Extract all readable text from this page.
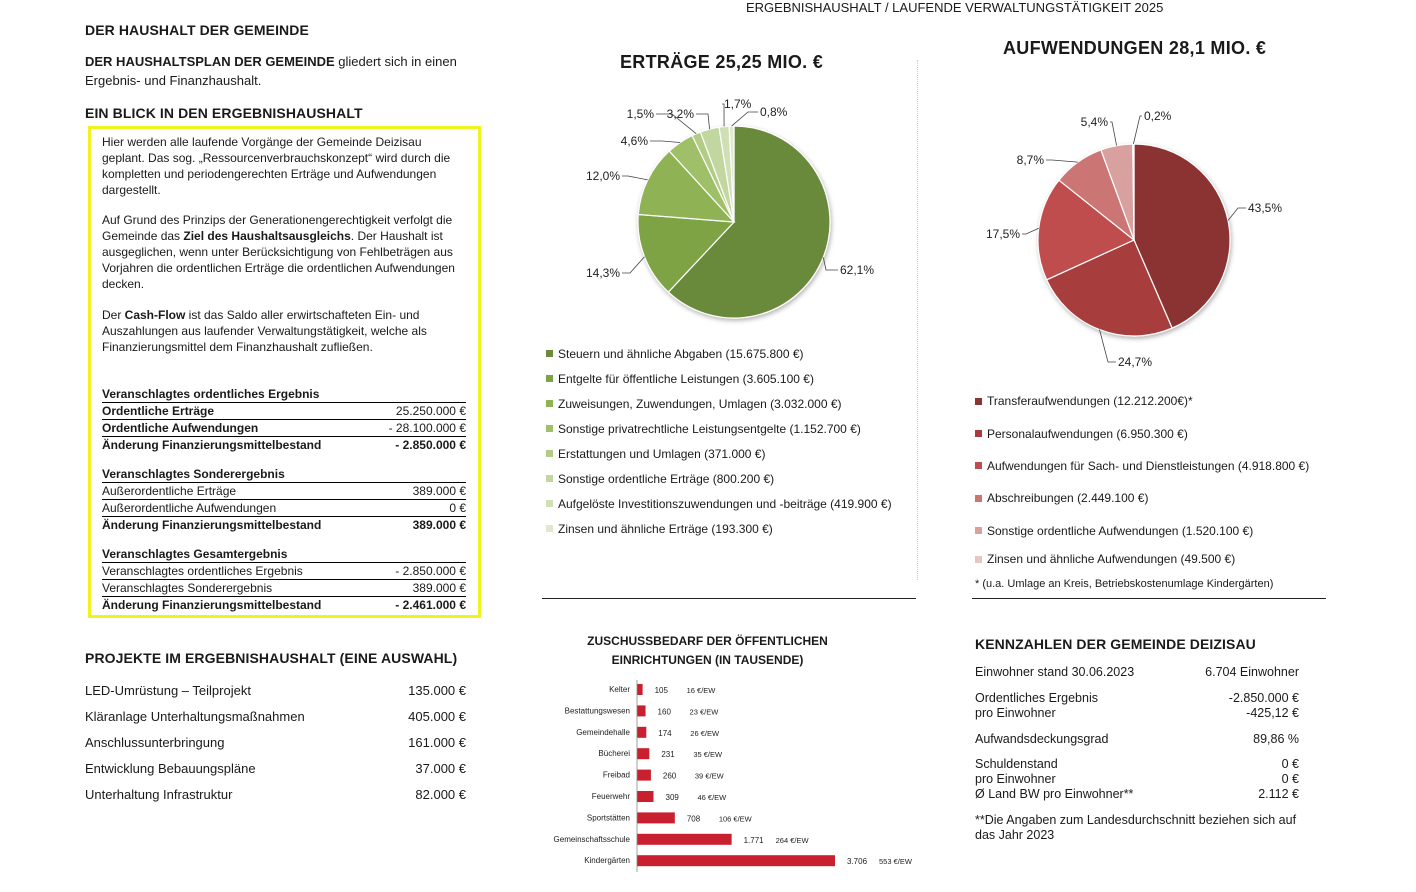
ERGEBNISHAUSHALT / LAUFENDE VERWALTUNGSTÄTIGKEIT 2025
DER HAUSHALT DER GEMEINDE
DER HAUSHALTSPLAN DER GEMEINDE gliedert sich in einen
Ergebnis- und Finanzhaushalt.
EIN BLICK IN DEN ERGEBNISHAUSHALT
Hier werden alle laufende Vorgänge der Gemeinde Deizisau geplant. Das sog. „Ressourcenverbrauchskonzept“ wird durch die kompletten und periodengerechten Erträge und Aufwendungen dargestellt.
Auf Grund des Prinzips der Generationengerechtigkeit verfolgt die Gemeinde das Ziel des Haushaltsausgleichs. Der Haushalt ist ausgeglichen, wenn unter Berücksichtigung von Fehlbeträgen aus Vorjahren die ordentlichen Erträge die ordentlichen Aufwendungen decken.
Der Cash-Flow ist das Saldo aller erwirtschafteten Ein- und Auszahlungen aus laufender Verwaltungstätigkeit, welche als Finanzierungsmittel dem Finanzhaushalt zufließen.
Veranschlagtes ordentliches Ergebnis
Ordentliche Erträge	25.250.000 €
Ordentliche Aufwendungen	- 28.100.000 €
Änderung Finanzierungsmittelbestand	- 2.850.000 €
Veranschlagtes Sonderergebnis
Außerordentliche Erträge	389.000 €
Außerordentliche Aufwendungen	0 €
Änderung Finanzierungsmittelbestand	389.000 €
Veranschlagtes Gesamtergebnis
Veranschlagtes ordentliches Ergebnis	- 2.850.000 €
Veranschlagtes Sonderergebnis	389.000 €
Änderung Finanzierungsmittelbestand	- 2.461.000 €
PROJEKTE IM ERGEBNISHAUSHALT (EINE AUSWAHL)
LED-Umrüstung – Teilprojekt	135.000 €
Kläranlage Unterhaltungsmaßnahmen	405.000 €
Anschlussunterbringung	161.000 €
Entwicklung Bebauungspläne	37.000 €
Unterhaltung Infrastruktur	82.000 €
ERTRÄGE 25,25 MIO. €
62,1%
14,3%
12,0%
4,6%
1,5% 3,2%
1,7%
0,8%
Steuern und ähnliche Abgaben (15.675.800 €)
Entgelte für öffentliche Leistungen (3.605.100 €)
Zuweisungen, Zuwendungen, Umlagen (3.032.000 €)
Sonstige privatrechtliche Leistungsentgelte (1.152.700 €)
Erstattungen und Umlagen (371.000 €)
Sonstige ordentliche Erträge (800.200 €)
Aufgelöste Investitionszuwendungen und -beiträge (419.900 €)
Zinsen und ähnliche Erträge (193.300 €)
AUFWENDUNGEN 28,1 MIO. €
43,5%
24,7%
17,5%
8,7%
5,4%	0,2%
Transferaufwendungen (12.212.200€)*
Personalaufwendungen (6.950.300 €)
Aufwendungen für Sach- und Dienstleistungen (4.918.800 €)
Abschreibungen (2.449.100 €)
Sonstige ordentliche Aufwendungen (1.520.100 €)
Zinsen und ähnliche Aufwendungen (49.500 €)
* (u.a. Umlage an Kreis, Betriebskostenumlage Kindergärten)
ZUSCHUSSBEDARF DER ÖFFENTLICHEN
EINRICHTUNGEN (IN TAUSENDE)
Kelter	105 16 €/EW
Bestattungswesen	160 23 €/EW
Gemeindehalle	174 26 €/EW
Bücherei	231 35 €/EW
Freibad	260 39 €/EW
Feuerwehr	309 46 €/EW
Sportstätten	708 106 €/EW
Gemeinschaftsschule	1.771 264 €/EW
Kindergärten	3.706 553 €/EW
KENNZAHLEN DER GEMEINDE DEIZISAU
Einwohner stand 30.06.2023	6.704 Einwohner
Ordentliches Ergebnis	-2.850.000 €
pro Einwohner	-425,12 €
Aufwandsdeckungsgrad	89,86 %
Schuldenstand	0 €
pro Einwohner	0 €
Ø Land BW pro Einwohner**	2.112 €
**Die Angaben zum Landesdurchschnitt beziehen sich auf das Jahr 2023
